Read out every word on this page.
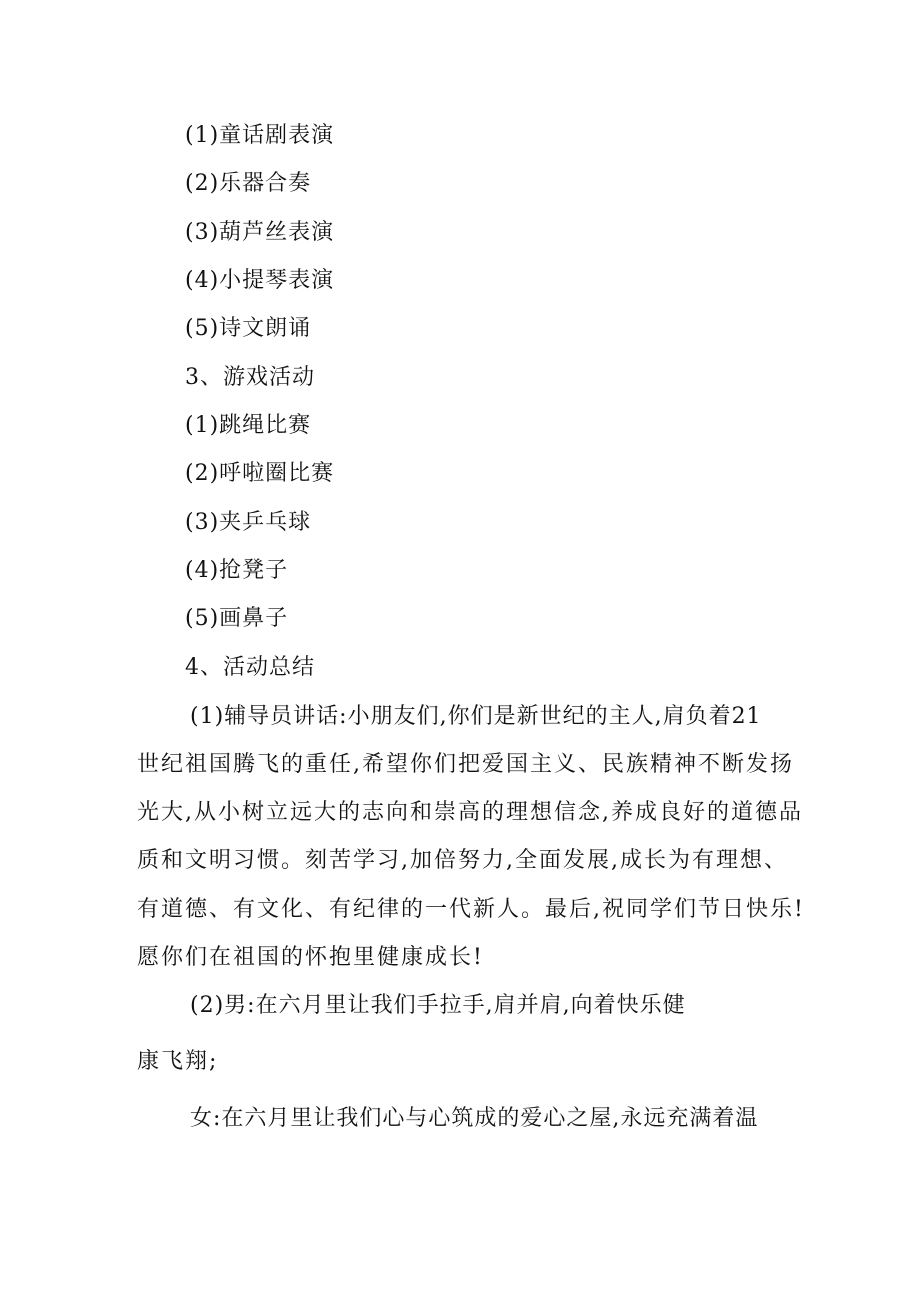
(1)童话剧表演
(2)乐器合奏
(3)葫芦丝表演
(4)小提琴表演
(5)诗文朗诵
3、游戏活动
(1)跳绳比赛
(2)呼啦圈比赛
(3)夹乒乓球
(4)抢凳子
(5)画鼻子
4、活动总结
(1)辅导员讲话:小朋友们,你们是新世纪的主人,肩负着21
世纪祖国腾飞的重任,希望你们把爱国主义、民族精神不断发扬
光大,从小树立远大的志向和崇高的理想信念,养成良好的道德品
质和文明习惯。刻苦学习,加倍努力,全面发展,成长为有理想、
有道德、有文化、有纪律的一代新人。最后,祝同学们节日快乐!
愿你们在祖国的怀抱里健康成长!
(2)男:在六月里让我们手拉手,肩并肩,向着快乐健
康飞翔;
女:在六月里让我们心与心筑成的爱心之屋,永远充满着温
